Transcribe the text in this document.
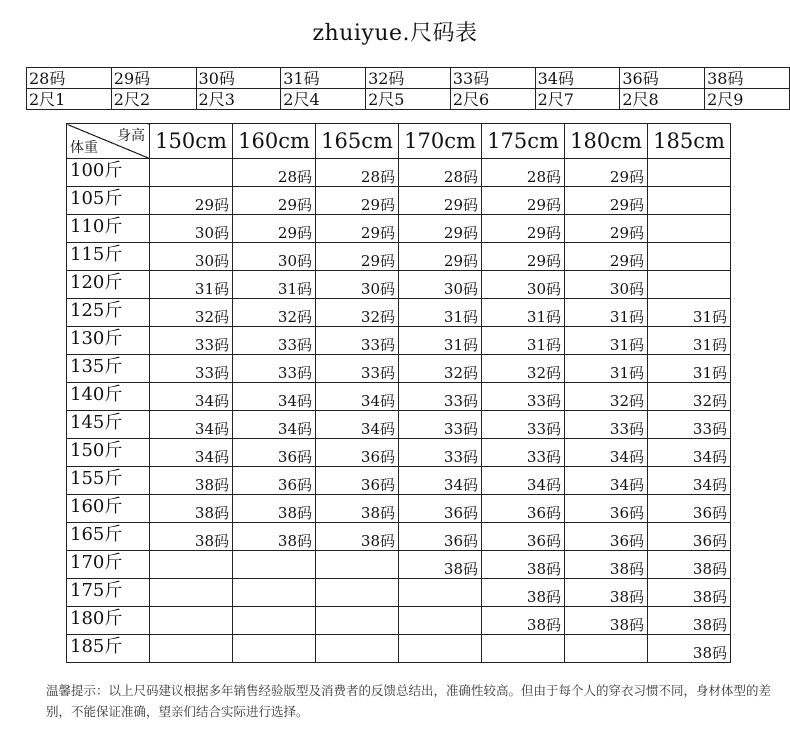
zhuiyue.尺码表
28码	29码	30码	31码	32码	33码	34码	36码	38码
2尺1	2尺2	2尺3	2尺4	2尺5	2尺6	2尺7	2尺8	2尺9
身高
体重	150cm	160cm	165cm	170cm	175cm	180cm	185cm
100斤		28码	28码	28码	28码	29码	
105斤	29码	29码	29码	29码	29码	29码	
110斤	30码	29码	29码	29码	29码	29码	
115斤	30码	30码	29码	29码	29码	29码	
120斤	31码	31码	30码	30码	30码	30码	
125斤	32码	32码	32码	31码	31码	31码	31码
130斤	33码	33码	33码	31码	31码	31码	31码
135斤	33码	33码	33码	32码	32码	31码	31码
140斤	34码	34码	34码	33码	33码	32码	32码
145斤	34码	34码	34码	33码	33码	33码	33码
150斤	34码	36码	36码	33码	33码	34码	34码
155斤	38码	36码	36码	34码	34码	34码	34码
160斤	38码	38码	38码	36码	36码	36码	36码
165斤	38码	38码	38码	36码	36码	36码	36码
170斤				38码	38码	38码	38码
175斤					38码	38码	38码
180斤					38码	38码	38码
185斤							38码
温馨提示：以上尺码建议根据多年销售经验版型及消费者的反馈总结出，准确性较高。但由于每个人的穿衣习惯不同，身材体型的差别，不能保证准确，望亲们结合实际进行选择。
